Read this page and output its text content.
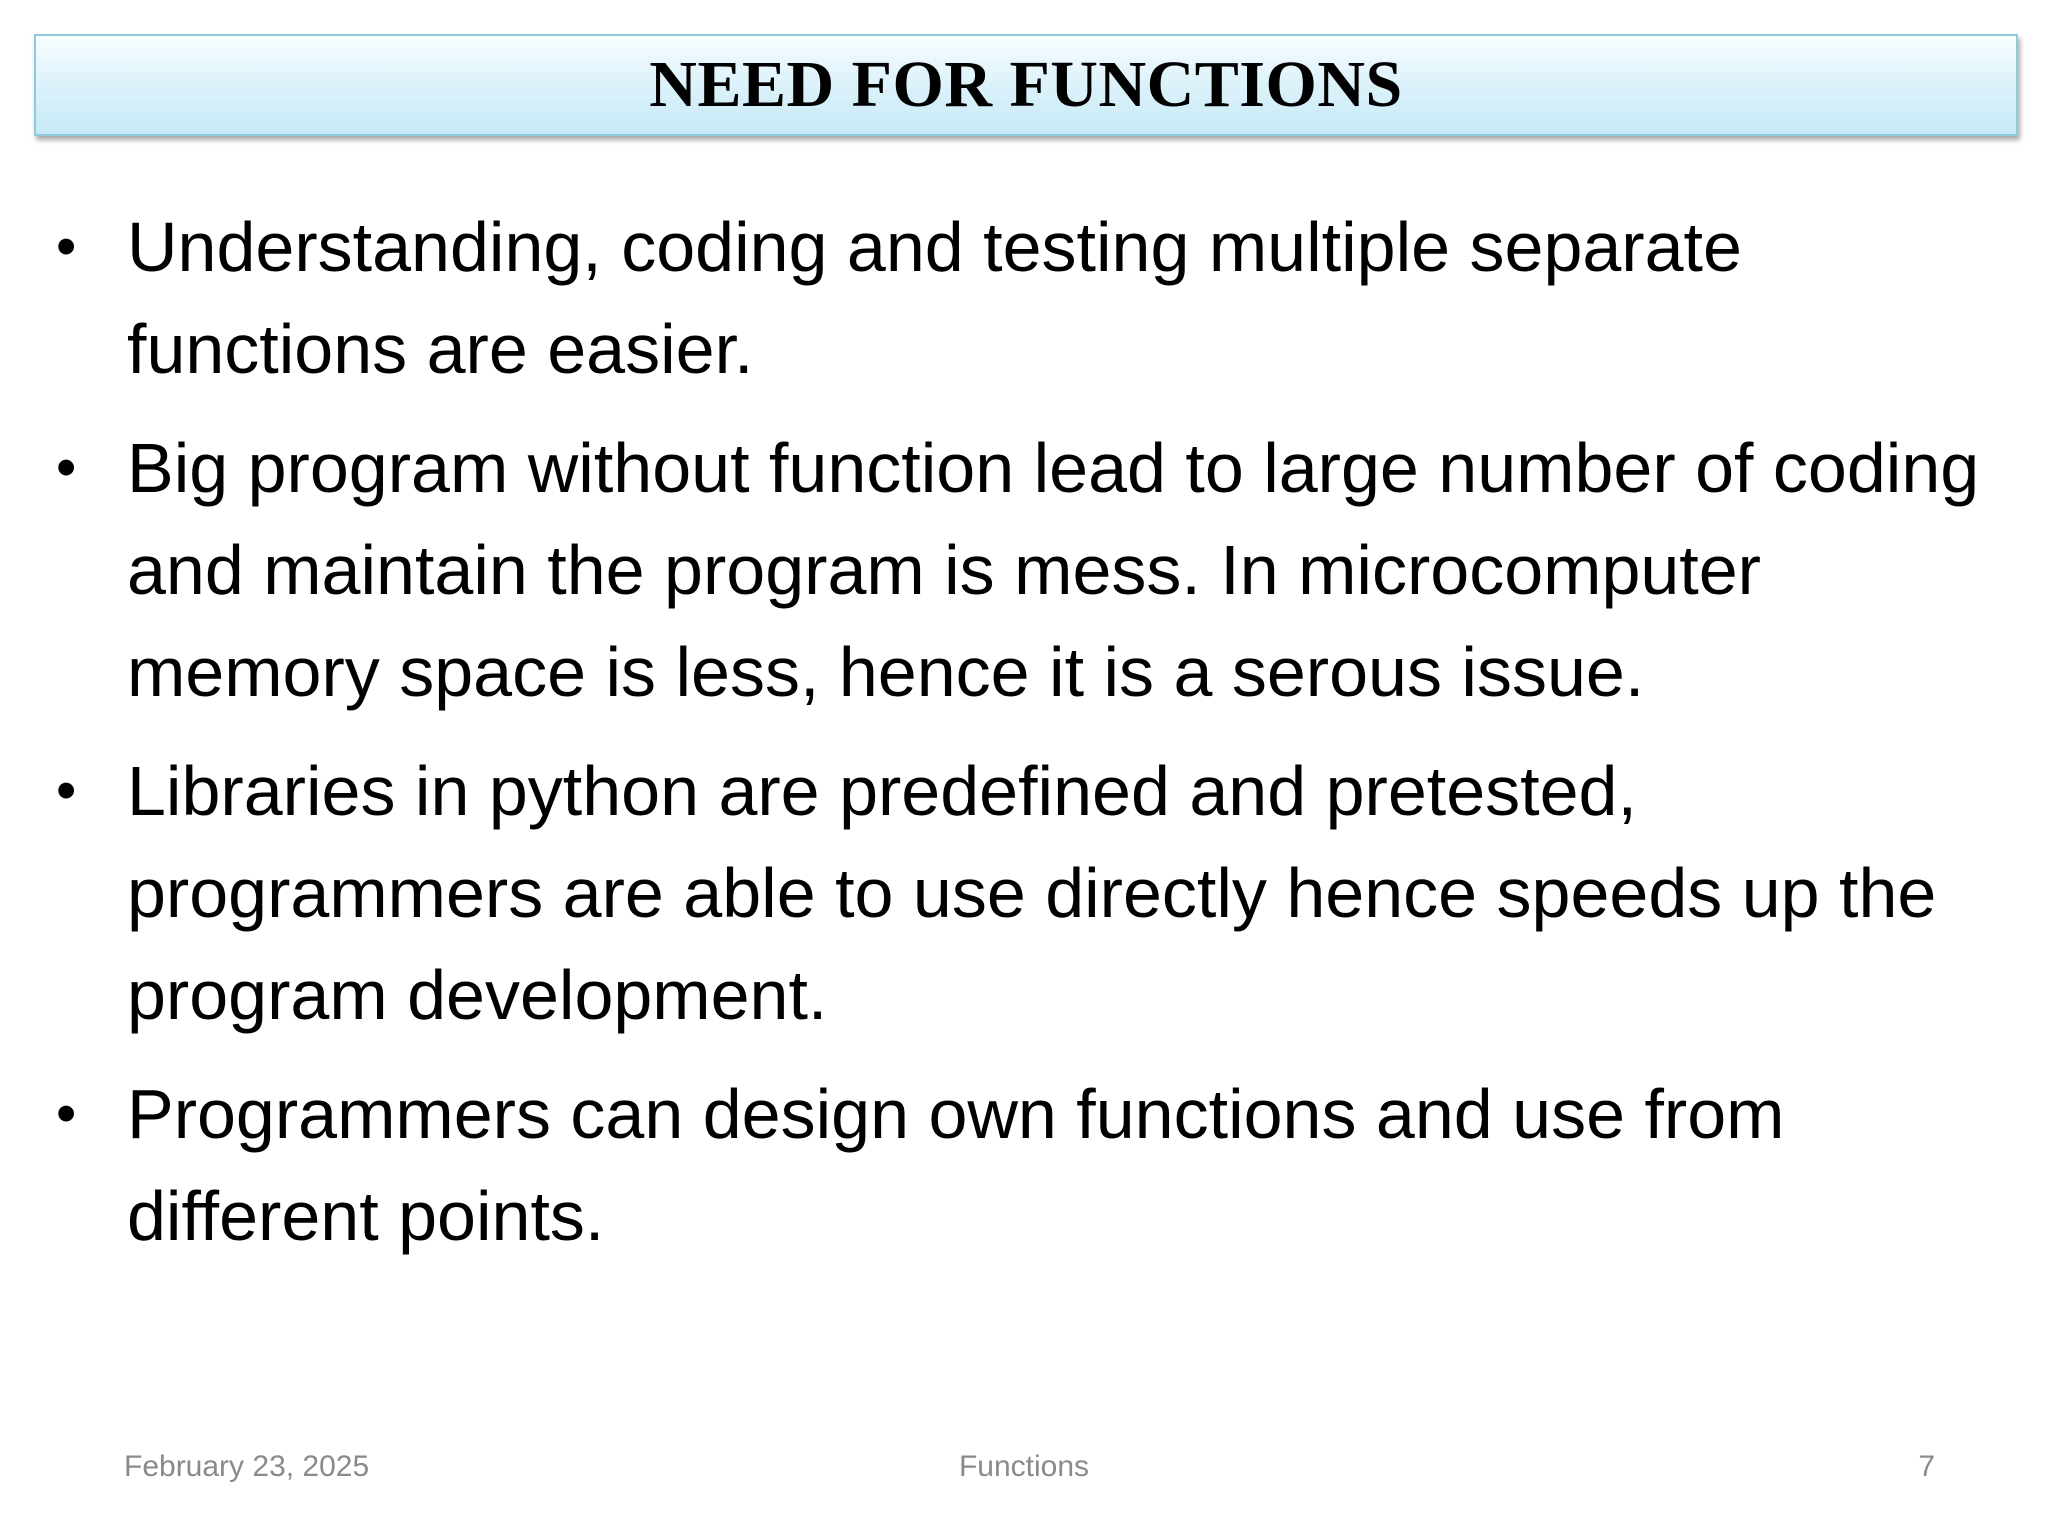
NEED FOR FUNCTIONS
• Understanding, coding and testing multiple separate functions are easier.
• Big program without function lead to large number of coding and maintain the program is mess. In microcomputer memory space is less, hence it is a serous issue.
• Libraries in python are predefined and pretested, programmers are able to use directly hence speeds up the program development.
• Programmers can design own functions and use from different points.
February 23, 2025	Functions	7
